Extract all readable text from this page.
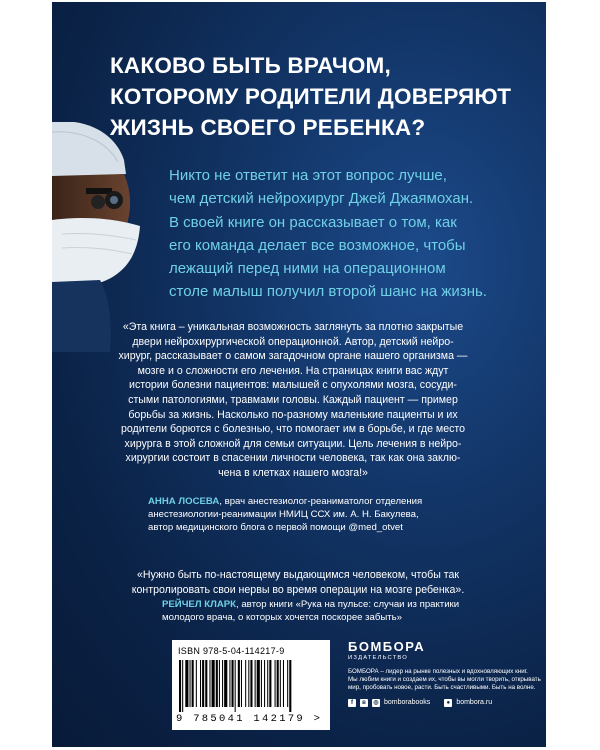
КАКОВО БЫТЬ ВРАЧОМ,
КОТОРОМУ РОДИТЕЛИ ДОВЕРЯЮТ
ЖИЗНЬ СВОЕГО РЕБЕНКА?
Никто не ответит на этот вопрос лучше,
чем детский нейрохирург Джей Джаямохан.
В своей книге он рассказывает о том, как
его команда делает все возможное, чтобы
лежащий перед ними на операционном
столе малыш получил второй шанс на жизнь.
«Эта книга – уникальная возможность заглянуть за плотно закрытые
двери нейрохирургической операционной. Автор, детский нейро-
хирург, рассказывает о самом загадочном органе нашего организма —
мозге и о сложности его лечения. На страницах книги вас ждут
истории болезни пациентов: малышей с опухолями мозга, сосуди-
стыми патологиями, травмами головы. Каждый пациент — пример
борьбы за жизнь. Насколько по-разному маленькие пациенты и их
родители борются с болезнью, что помогает им в борьбе, и где место
хирурга в этой сложной для семьи ситуации. Цель лечения в нейро-
хирургии состоит в спасении личности человека, так как она заклю-
чена в клетках нашего мозга!»
АННА ЛОСЕВА, врач анестезиолог-реаниматолог отделения
анестезиологии-реанимации НМИЦ ССХ им. А. Н. Бакулева,
автор медицинского блога о первой помощи @med_otvet
«Нужно быть по-настоящему выдающимся человеком, чтобы так
контролировать свои нервы во время операции на мозге ребенка».
РЕЙЧЕЛ КЛАРК, автор книги «Рука на пульсе: случаи из практики
молодого врача, о которых хочется поскорее забыть»
ISBN 978-5-04-114217-9
9 785041 142179 >
БОМБОРА
ИЗДАТЕЛЬСТВО
БОМБОРА – лидер на рынке полезных и вдохновляющих книг.
Мы любим книги и создаем их, чтобы вы могли творить, открывать
мир, пробовать новое, расти. Быть счастливыми. Быть на волне.
f	в	◎ bomborabooks	● bombora.ru
